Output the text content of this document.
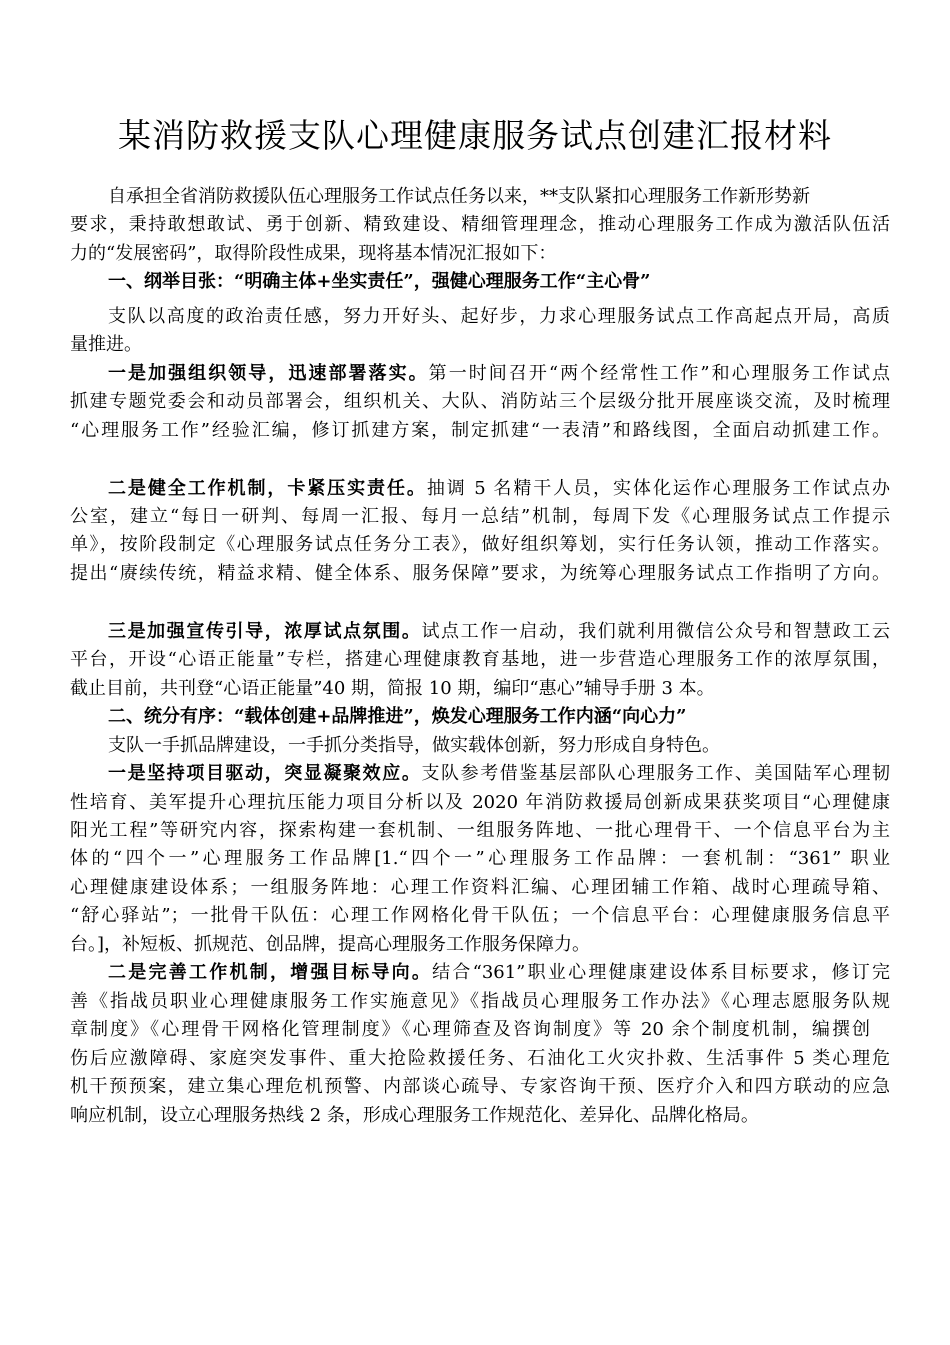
某消防救援支队心理健康服务试点创建汇报材料

自承担全省消防救援队伍心理服务工作试点任务以来，**支队紧扣心理服务工作新形势新

要求，秉持敢想敢试、勇于创新、精致建设、精细管理理念，推动心理服务工作成为激活队伍活

力的“发展密码”，取得阶段性成果，现将基本情况汇报如下：

一、纲举目张：“明确主体+坐实责任”，强健心理服务工作“主心骨”

支队以高度的政治责任感，努力开好头、起好步，力求心理服务试点工作高起点开局，高质

量推进。

一是加强组织领导，迅速部署落实。第一时间召开“两个经常性工作”和心理服务工作试点

抓建专题党委会和动员部署会，组织机关、大队、消防站三个层级分批开展座谈交流，及时梳理

“心理服务工作”经验汇编，修订抓建方案，制定抓建“一表清”和路线图，全面启动抓建工作。

二是健全工作机制，卡紧压实责任。抽调 5 名精干人员，实体化运作心理服务工作试点办

公室，建立“每日一研判、每周一汇报、每月一总结”机制，每周下发《心理服务试点工作提示

单》，按阶段制定《心理服务试点任务分工表》，做好组织筹划，实行任务认领，推动工作落实。

提出“赓续传统，精益求精、健全体系、服务保障”要求，为统筹心理服务试点工作指明了方向。

三是加强宣传引导，浓厚试点氛围。试点工作一启动，我们就利用微信公众号和智慧政工云

平台，开设“心语正能量”专栏，搭建心理健康教育基地，进一步营造心理服务工作的浓厚氛围，

截止目前，共刊登“心语正能量”40 期，简报 10 期，编印“惠心”辅导手册 3 本。

二、统分有序：“载体创建+品牌推进”，焕发心理服务工作内涵“向心力”

支队一手抓品牌建设，一手抓分类指导，做实载体创新，努力形成自身特色。

一是坚持项目驱动，突显凝聚效应。支队参考借鉴基层部队心理服务工作、美国陆军心理韧

性培育、美军提升心理抗压能力项目分析以及 2020 年消防救援局创新成果获奖项目“心理健康

阳光工程”等研究内容，探索构建一套机制、一组服务阵地、一批心理骨干、一个信息平台为主

体的“四个一”心理服务工作品牌[1.“四个一”心理服务工作品牌：一套机制：“361” 职业

心理健康建设体系；一组服务阵地：心理工作资料汇编、心理团辅工作箱、战时心理疏导箱、

“舒心驿站”；一批骨干队伍：心理工作网格化骨干队伍；一个信息平台：心理健康服务信息平

台。]，补短板、抓规范、创品牌，提高心理服务工作服务保障力。

二是完善工作机制，增强目标导向。结合“361”职业心理健康建设体系目标要求，修订完

善《指战员职业心理健康服务工作实施意见》《指战员心理服务工作办法》《心理志愿服务队规

章制度》《心理骨干网格化管理制度》《心理筛查及咨询制度》等 20 余个制度机制，编撰创

伤后应激障碍、家庭突发事件、重大抢险救援任务、石油化工火灾扑救、生活事件 5 类心理危

机干预预案，建立集心理危机预警、内部谈心疏导、专家咨询干预、医疗介入和四方联动的应急

响应机制，设立心理服务热线 2 条，形成心理服务工作规范化、差异化、品牌化格局。
